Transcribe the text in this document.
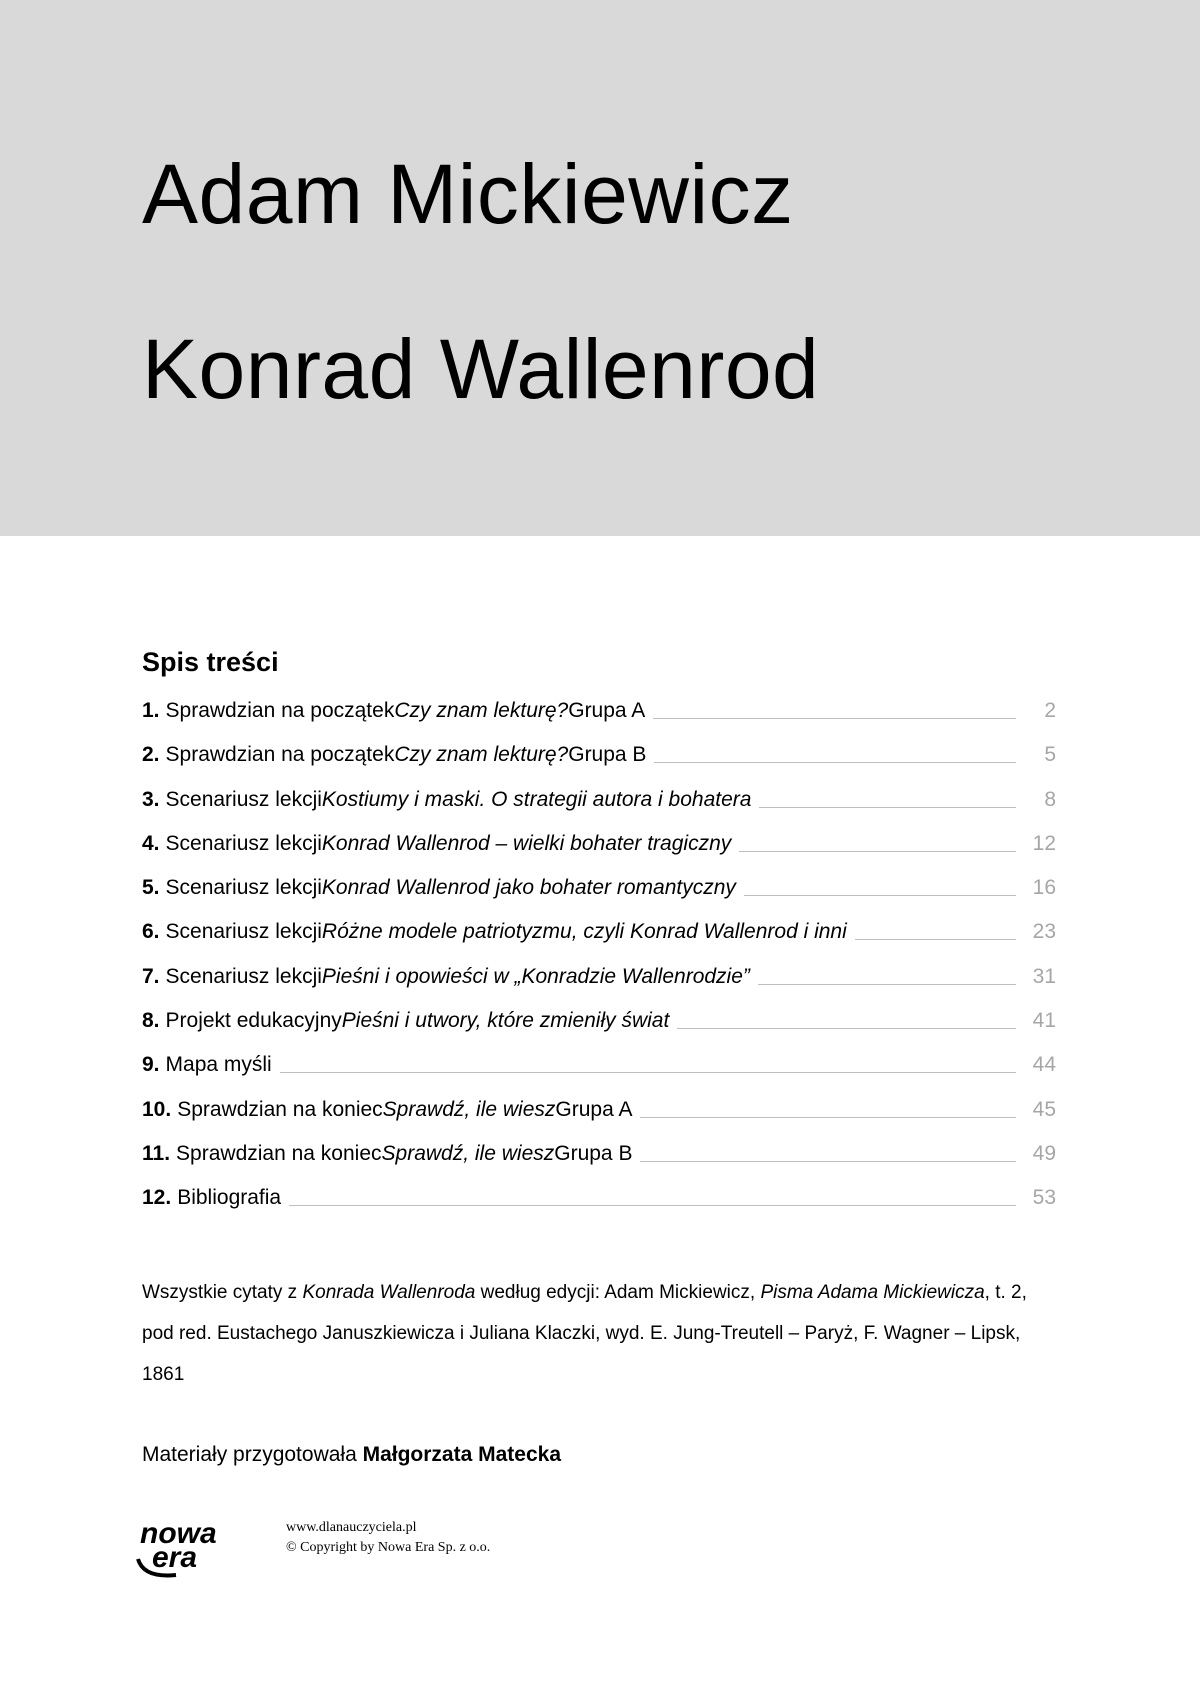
Adam Mickiewicz
Konrad Wallenrod
Spis treści
1. Sprawdzian na początek Czy znam lekturę? Grupa A	2
2. Sprawdzian na początek Czy znam lekturę? Grupa B	5
3. Scenariusz lekcji Kostiumy i maski. O strategii autora i bohatera	8
4. Scenariusz lekcji Konrad Wallenrod – wielki bohater tragiczny	12
5. Scenariusz lekcji Konrad Wallenrod jako bohater romantyczny	16
6. Scenariusz lekcji Różne modele patriotyzmu, czyli Konrad Wallenrod i inni	23
7. Scenariusz lekcji Pieśni i opowieści w „Konradzie Wallenrodzie”	31
8. Projekt edukacyjny Pieśni i utwory, które zmieniły świat	41
9. Mapa myśli	44
10. Sprawdzian na koniec Sprawdź, ile wiesz Grupa A	45
11. Sprawdzian na koniec Sprawdź, ile wiesz Grupa B	49
12. Bibliografia	53
Wszystkie cytaty z Konrada Wallenroda według edycji: Adam Mickiewicz, Pisma Adama Mickiewicza, t. 2, pod red. Eustachego Januszkiewicza i Juliana Klaczki, wyd. E. Jung-Treutell – Paryż, F. Wagner – Lipsk, 1861
Materiały przygotowała Małgorzata Matecka
nowa
era
www.dlanauczyciela.pl
© Copyright by Nowa Era Sp. z o.o.
